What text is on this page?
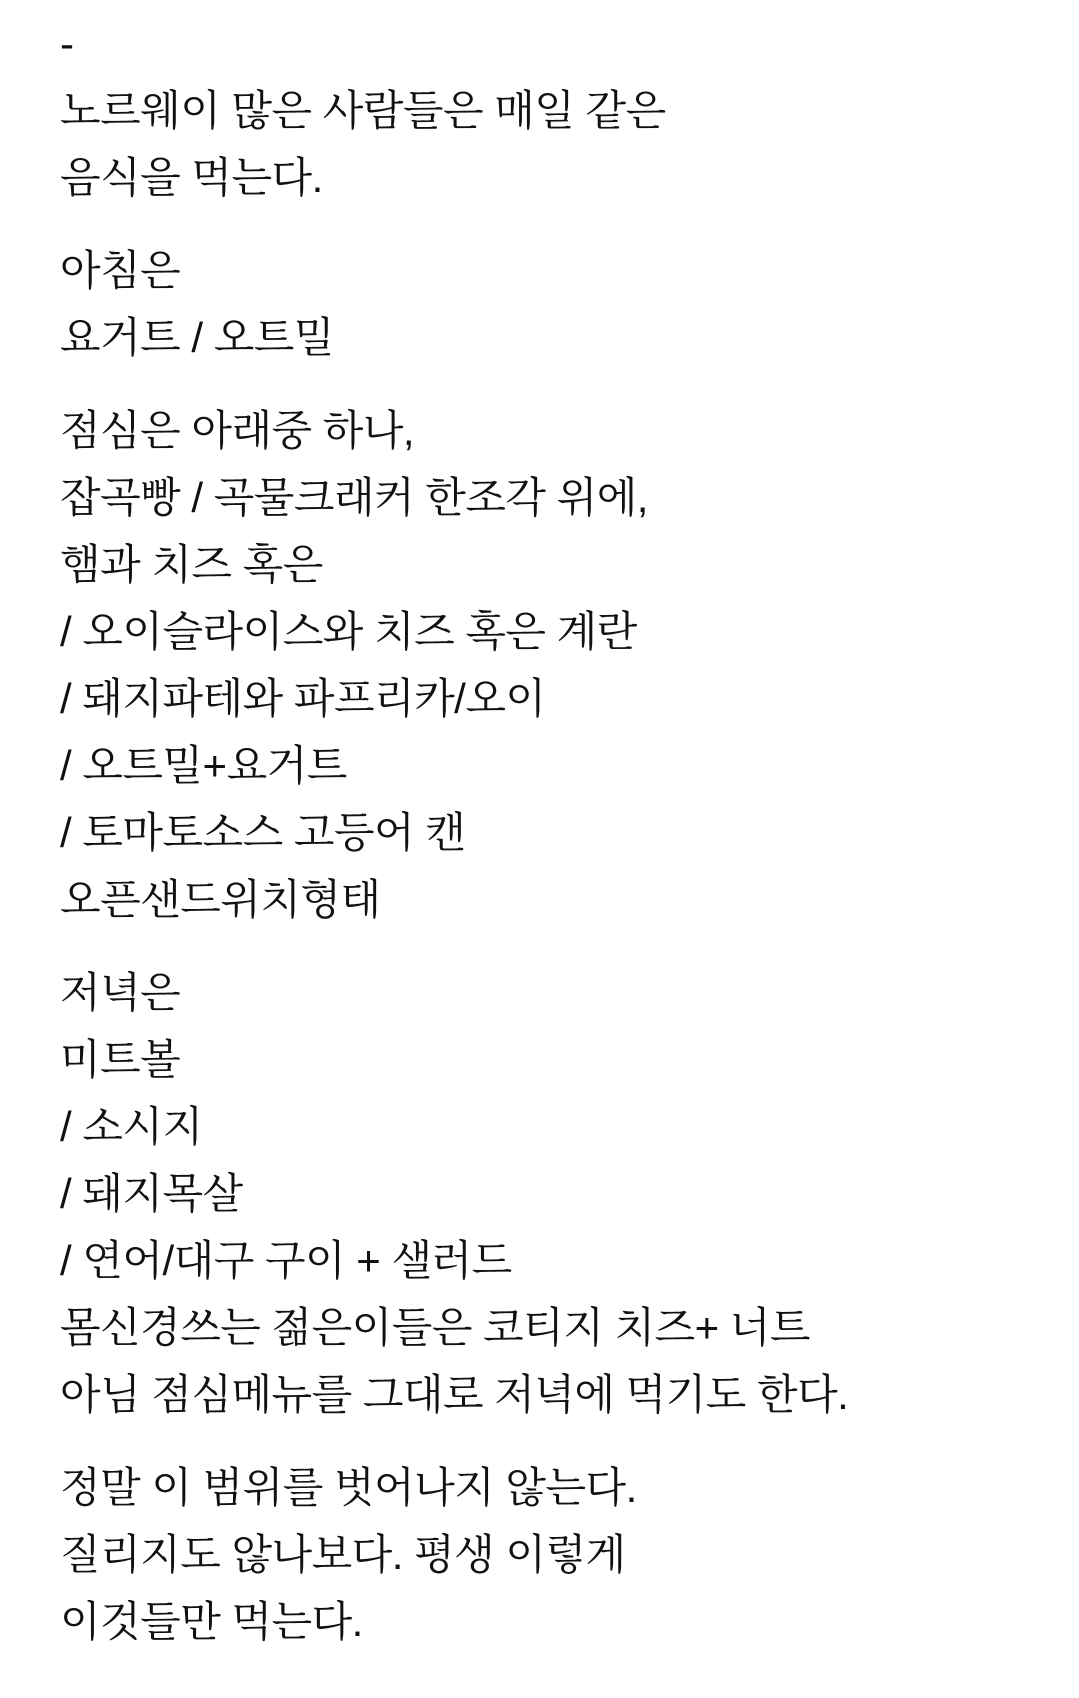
-
노르웨이 많은 사람들은 매일 같은
음식을 먹는다.
아침은
요거트 / 오트밀
점심은 아래중 하나,
잡곡빵 / 곡물크래커 한조각 위에,
햄과 치즈 혹은
/ 오이슬라이스와 치즈 혹은 계란
/ 돼지파테와 파프리카/오이
/ 오트밀+요거트
/ 토마토소스 고등어 캔
오픈샌드위치형태
저녁은
미트볼
/ 소시지
/ 돼지목살
/ 연어/대구 구이 + 샐러드
몸신경쓰는 젊은이들은 코티지 치즈+ 너트
아님 점심메뉴를 그대로 저녁에 먹기도 한다.
정말 이 범위를 벗어나지 않는다.
질리지도 않나보다. 평생 이렇게
이것들만 먹는다.
